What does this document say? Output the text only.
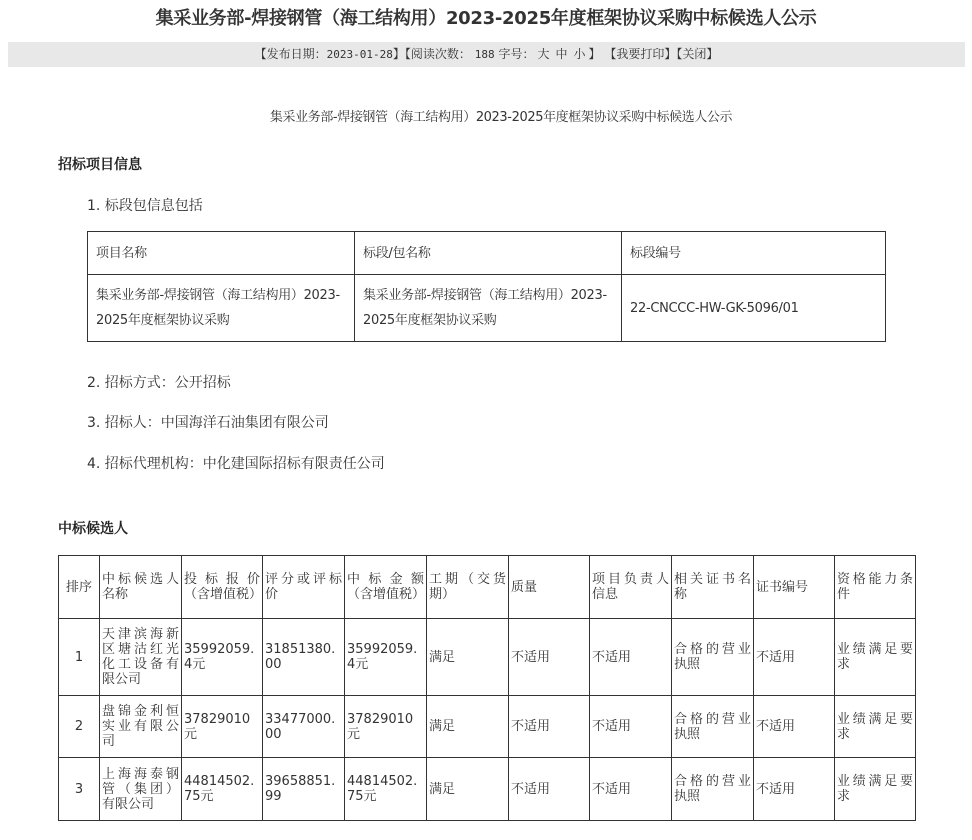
集采业务部-焊接钢管（海工结构用）2023-2025年度框架协议采购中标候选人公示
【发布日期：2023-01-28】【阅读次数： 188 字号： 大 中 小 】 【我要打印】【关闭】
集采业务部-焊接钢管（海工结构用）2023-2025年度框架协议采购中标候选人公示
招标项目信息
1. 标段包信息包括
项目名称	标段/包名称	标段编号
集采业务部-焊接钢管（海工结构用）2023-2025年度框架协议采购	集采业务部-焊接钢管（海工结构用）2023-2025年度框架协议采购	22-CNCCC-HW-GK-5096/01
2. 招标方式：公开招标
3. 招标人：中国海洋石油集团有限公司
4. 招标代理机构：中化建国际招标有限责任公司
中标候选人
排序	中标候选人名称	投标报价（含增值税）	评分或评标价	中标金额（含增值税）	工期（交货期）	质量	项目负责人信息	相关证书名称	证书编号	资格能力条件
1	天津滨海新区塘沽红光化工设备有限公司	35992059.4元	31851380.00	35992059.4元	满足	不适用	不适用	合格的营业执照	不适用	业绩满足要求
2	盘锦金利恒实业有限公司	37829010元	33477000.00	37829010元	满足	不适用	不适用	合格的营业执照	不适用	业绩满足要求
3	上海海泰钢管（集团）有限公司	44814502.75元	39658851.99	44814502.75元	满足	不适用	不适用	合格的营业执照	不适用	业绩满足要求
